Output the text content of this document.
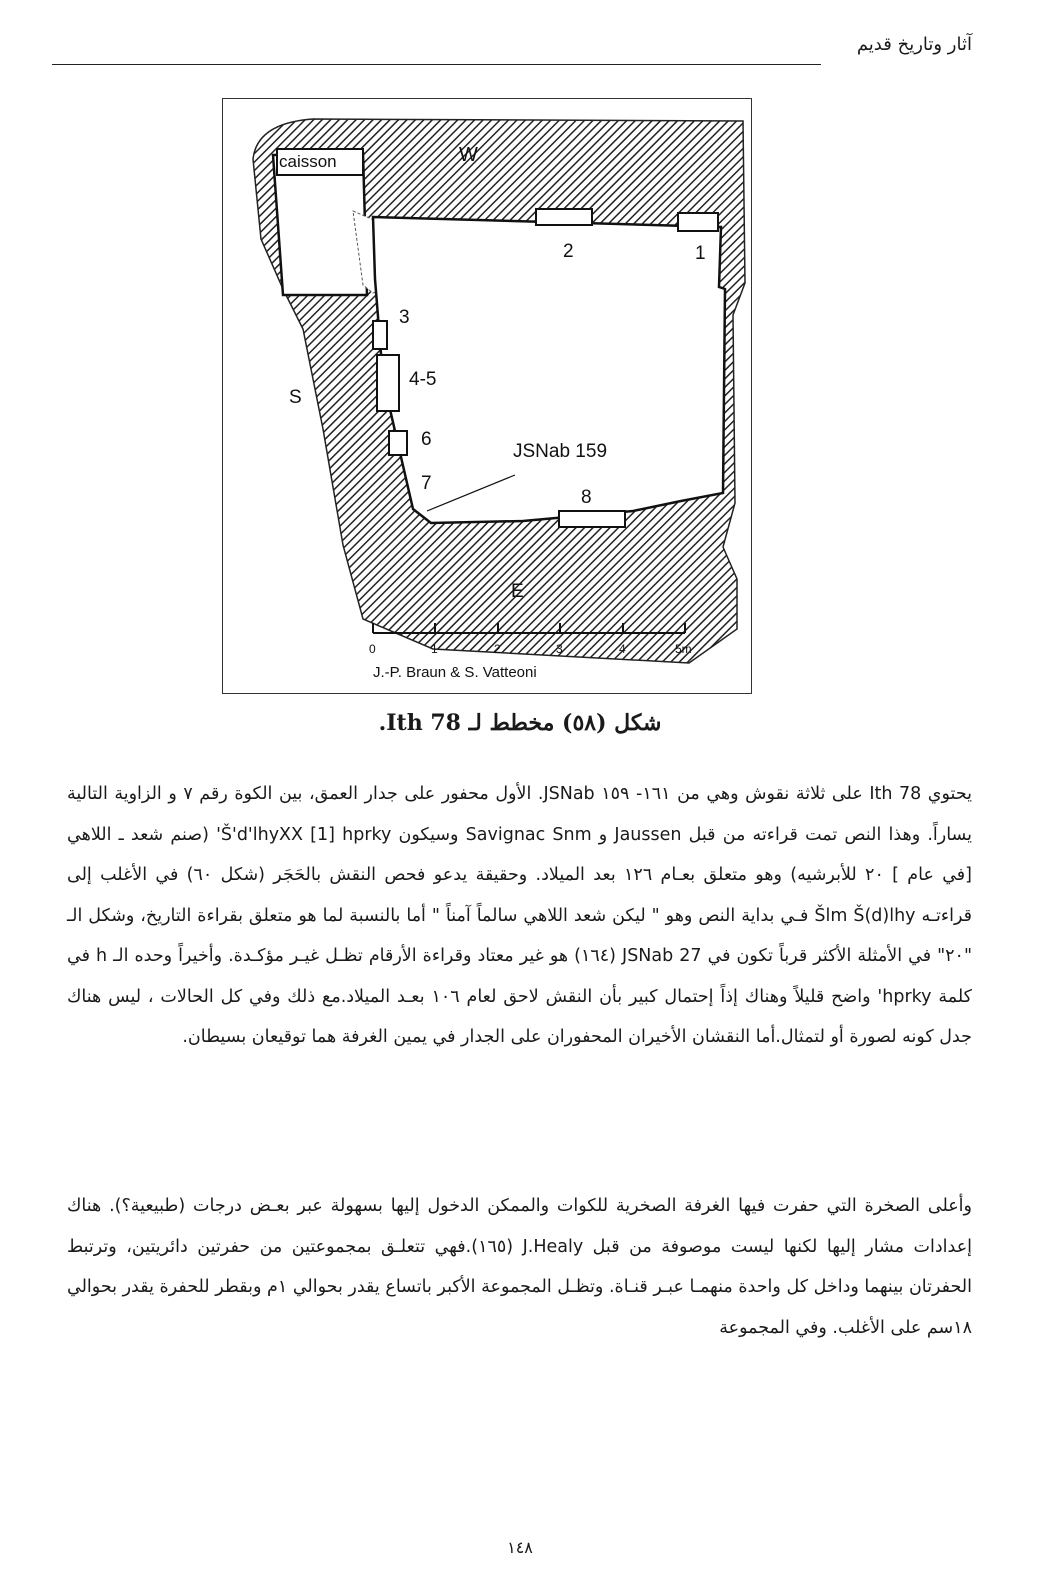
آثار وتاريخ قديم
caisson	W
1
2
3
4-5
S
6
JSNab 159
7
8
E
0	1	2	3	4	5m
J.-P. Braun & S. Vatteoni
شكل (٥٨) مخطط لـ Ith 78.
يحتوي Ith 78 على ثلاثة نقوش وهي من ١٦١- ١٥٩ JSNab. الأول محفور على جدار العمق، بين الكوة رقم ٧ و الزاوية التالية يساراً. وهذا النص تمت قراءته من قبل Jaussen و Savignac Snm وسيكون Š'd'lhyXX [1] hprky' (صنم شعد ـ اللاهي [في عام ] ٢٠ للأبرشيه) وهو متعلق بعـام ١٢٦ بعد الميلاد. وحقيقة يدعو فحص النقش بالحَجَر (شكل ٦٠) في الأغلب إلى قراءتـه Šlm Š(d)lhy فـي بداية النص وهو " ليكن شعد اللاهي سالماً آمناً " أما بالنسبة لما هو متعلق بقراءة التاريخ، وشكل الـ "٢٠" في الأمثلة الأكثر قرباً تكون في JSNab 27 (١٦٤) هو غير معتاد وقراءة الأرقام تظـل غيـر مؤكـدة. وأخيراً وحده الـ h في كلمة hprky' واضح قليلاً وهناك إذاً إحتمال كبير بأن النقش لاحق لعام ١٠٦ بعـد الميلاد.مع ذلك وفي كل الحالات ، ليس هناك جدل كونه لصورة أو لتمثال.أما النقشان الأخيران المحفوران على الجدار في يمين الغرفة هما توقيعان بسيطان.
وأعلى الصخرة التي حفرت فيها الغرفة الصخرية للكوات والممكن الدخول إليها بسهولة عبر بعـض درجات (طبيعية؟). هناك إعدادات مشار إليها لكنها ليست موصوفة من قبل J.Healy (١٦٥).فهي تتعلـق بمجموعتين من حفرتين دائريتين، وترتبط الحفرتان بينهما وداخل كل واحدة منهمـا عبـر قنـاة. وتظـل المجموعة الأكبر باتساع يقدر بحوالي ١م وبقطر للحفرة يقدر بحوالي ١٨سم على الأغلب. وفي المجموعة
١٤٨
